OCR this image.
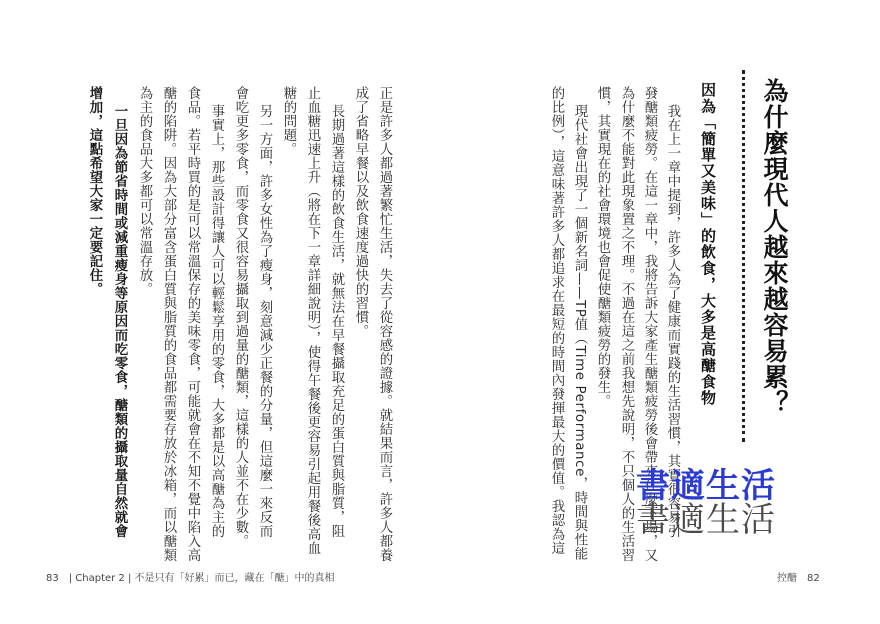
為什麼現代人越來越容易累？
因為「簡單又美味」的飲食，大多是高醣食物
我在上一章中提到，許多人為了健康而實踐的生活習慣，其實很容易引
發醣類疲勞。在這一章中，我將告訴大家產生醣類疲勞後會帶來什麼下場，又
為什麼不能對此現象置之不理。不過在這之前我想先說明，不只個人的生活習
慣，其實現在的社會環境也會促使醣類疲勞的發生。
現代社會出現了一個新名詞——TP值（Time Performance，時間與性能
的比例），這意味著許多人都追求在最短的時間內發揮最大的價值。我認為這
正是許多人都過著繁忙生活，失去了從容感的證據。就結果而言，許多人都養
成了省略早餐以及飲食速度過快的習慣。
長期過著這樣的飲食生活，就無法在早餐攝取充足的蛋白質與脂質，阻
止血糖迅速上升（將在下一章詳細說明），使得午餐後更容易引起用餐後高血
糖的問題。
另一方面，許多女性為了瘦身，刻意減少正餐的分量，但這麼一來反而
會吃更多零食，而零食又很容易攝取到過量的醣類，這樣的人並不在少數。
事實上，那些設計得讓人可以輕鬆享用的零食，大多都是以高醣為主的
食品。若平時買的是可以常溫保存的美味零食，可能就會在不知不覺中陷入高
醣的陷阱。因為大部分富含蛋白質與脂質的食品都需要存放於冰箱，而以醣類
為主的食品大多都可以常溫存放。
一旦因為節省時間或減重瘦身等原因而吃零食，醣類的攝取量自然就會
增加，這點希望大家一定要記住。
83　| Chapter 2 | 不是只有「好累」而已，藏在「醣」中的真相	控醣　82
書適生活
書適生活
